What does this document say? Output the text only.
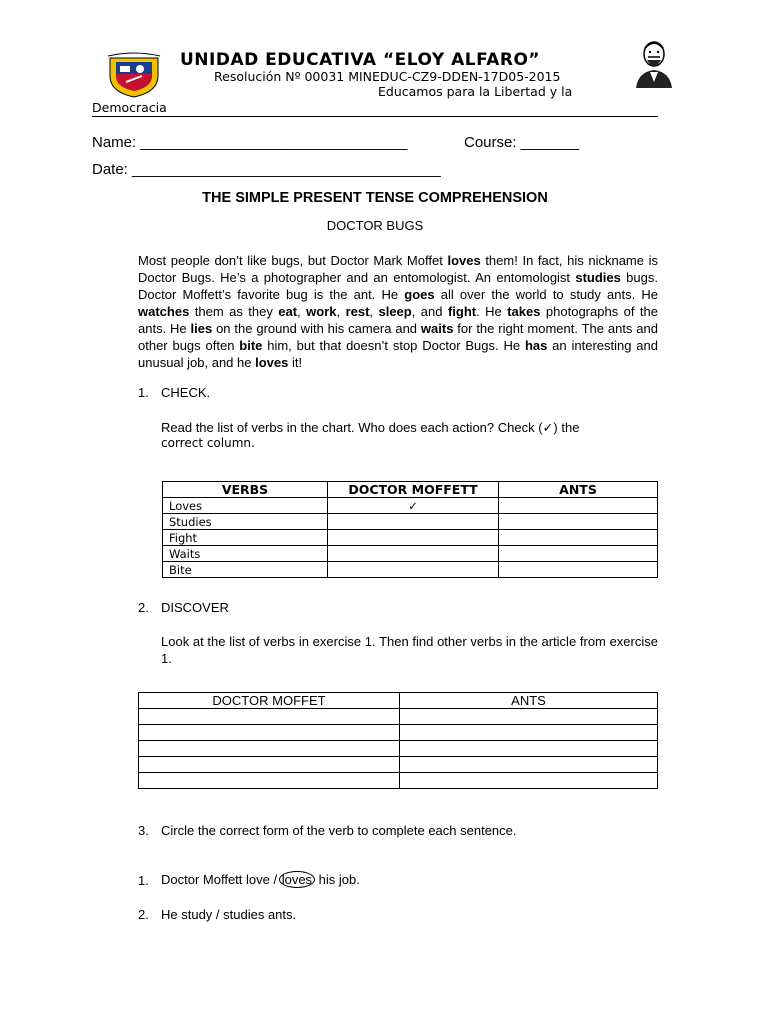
UNIDAD EDUCATIVA “ELOY ALFARO”
Resolución Nº 00031 MINEDUC-CZ9-DDEN-17D05-2015
Educamos para la Libertad y la
Democracia
Name: ________________________________	Course: _______
Date: _____________________________________
THE SIMPLE PRESENT TENSE COMPREHENSION
DOCTOR BUGS
Most people don’t like bugs, but Doctor Mark Moffet loves them! In fact, his nickname is Doctor Bugs. He’s a photographer and an entomologist. An entomologist studies bugs. Doctor Moffett’s favorite bug is the ant. He goes all over the world to study ants. He watches them as they eat, work, rest, sleep, and fight. He takes photographs of the ants. He lies on the ground with his camera and waits for the right moment. The ants and other bugs often bite him, but that doesn’t stop Doctor Bugs. He has an interesting and unusual job, and he loves it!
1. CHECK.
Read the list of verbs in the chart. Who does each action? Check (✓) the
correct column.
VERBS	DOCTOR MOFFETT	ANTS
Loves	✓	
Studies		
Fight		
Waits		
Bite		
2. DISCOVER
Look at the list of verbs in exercise 1. Then find other verbs in the article from exercise 1.
DOCTOR MOFFET	ANTS

3. Circle the correct form of the verb to complete each sentence.
1. Doctor Moffett love / loves his job.
2. He study / studies ants.
